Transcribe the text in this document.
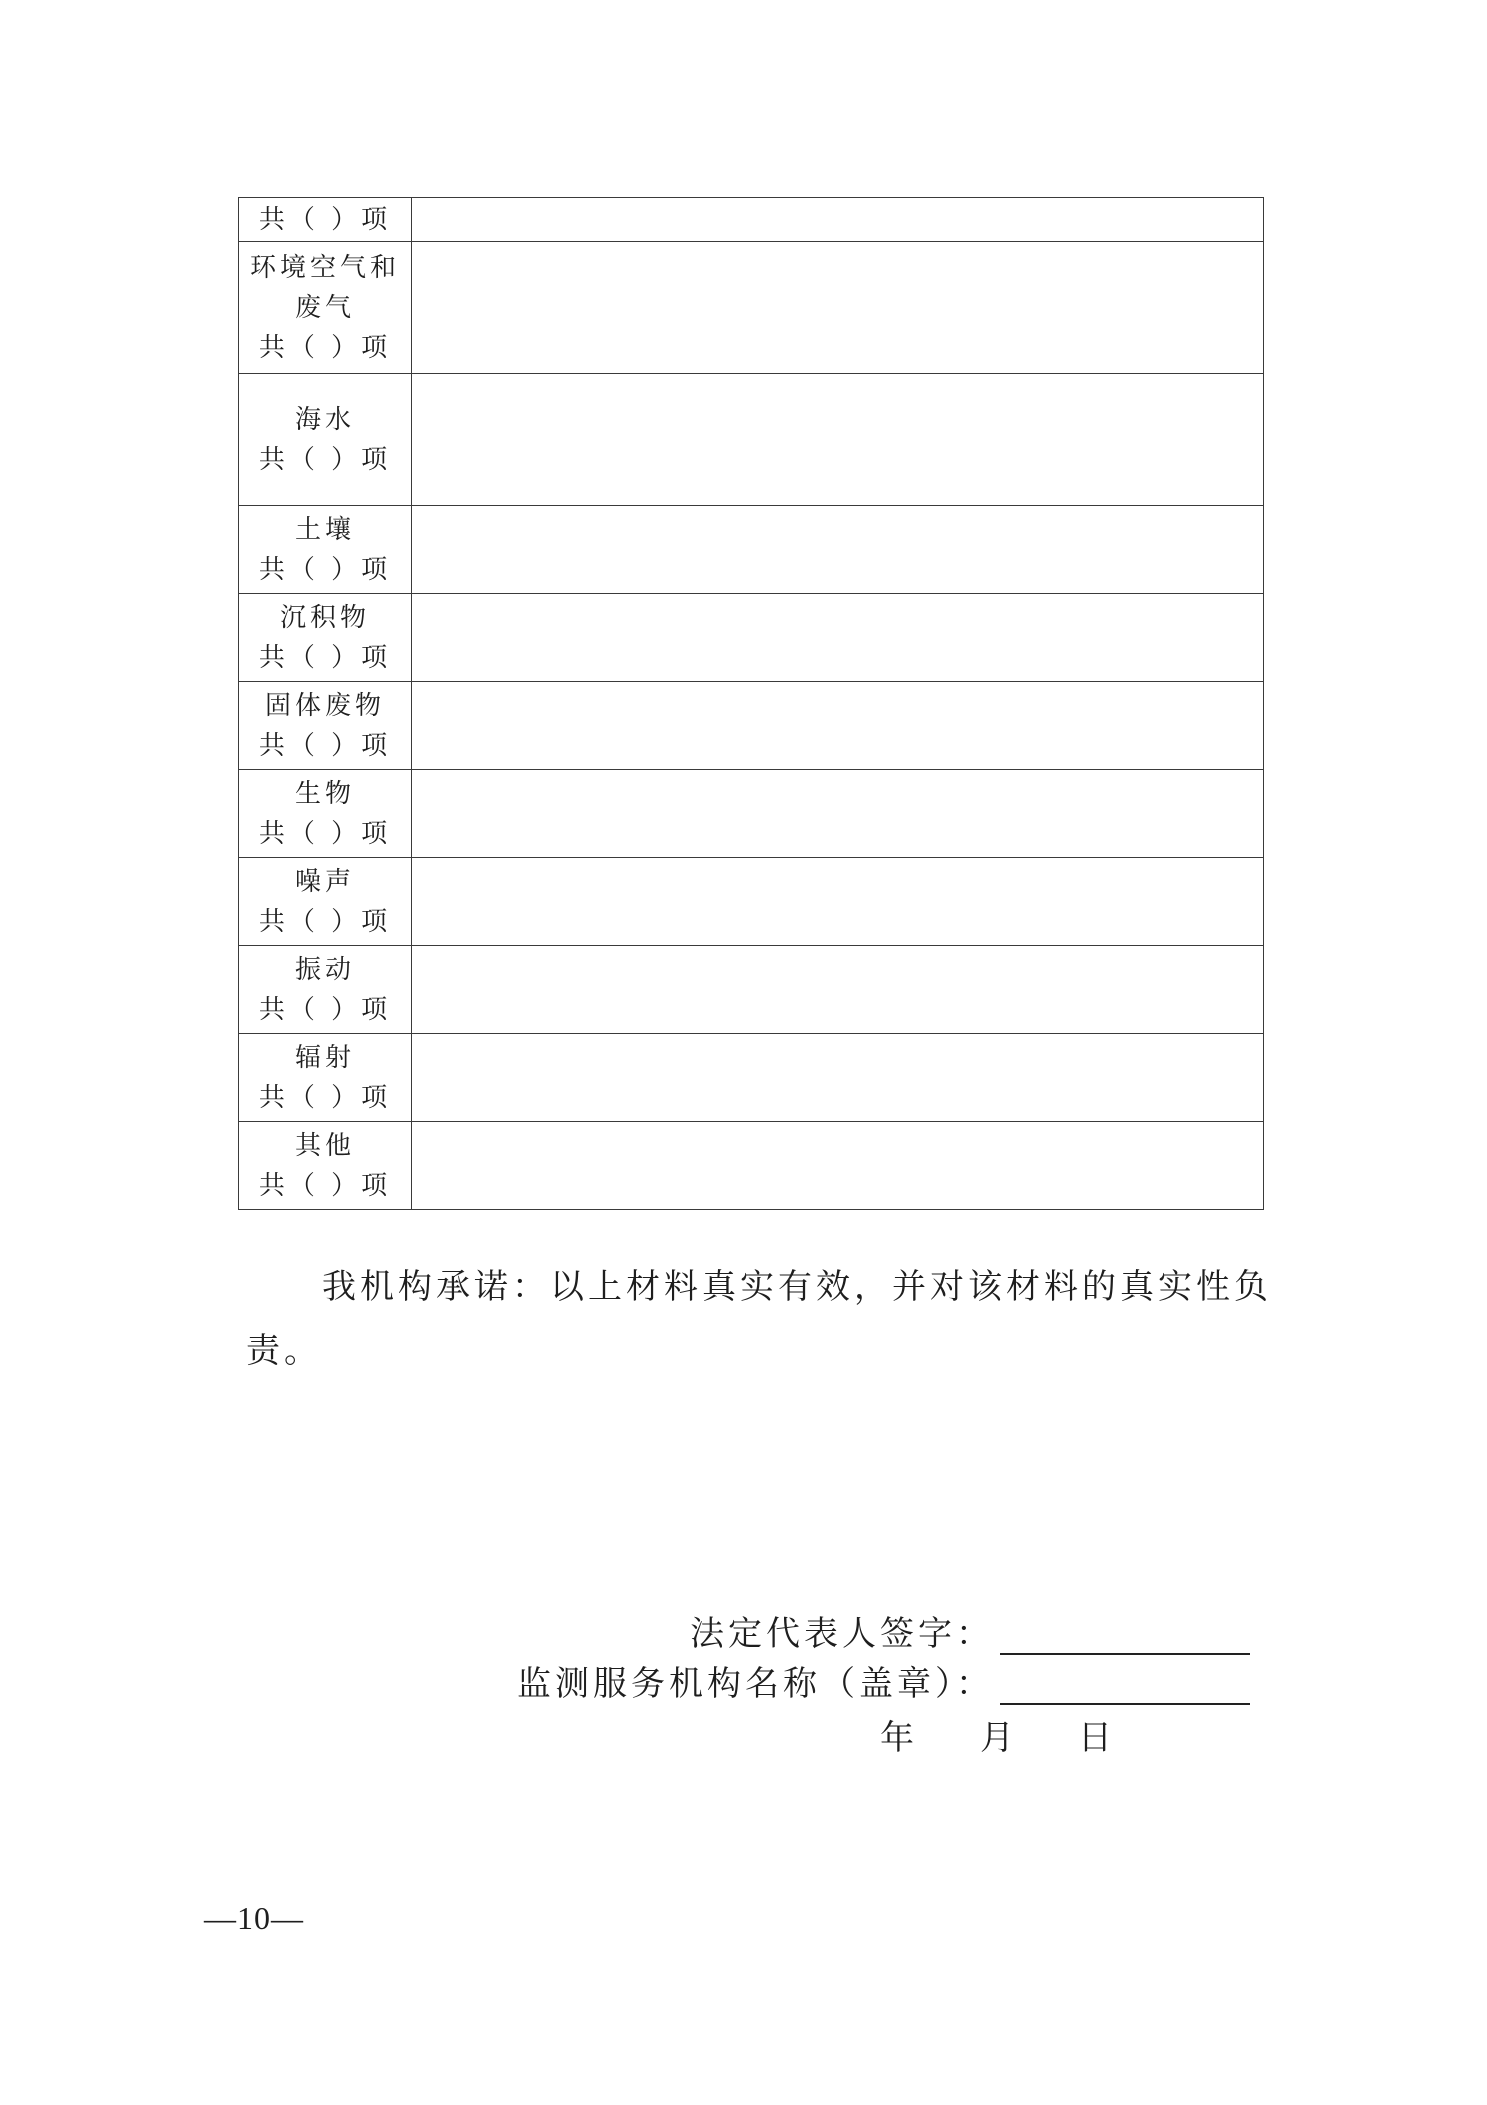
共（ ）项	

环境空气和
废气
共（ ）项	

海水
共（ ）项	

土壤
共（ ）项	

沉积物
共（ ）项	

固体废物
共（ ）项	

生物
共（ ）项	

噪声
共（ ）项	

振动
共（ ）项	

辐射
共（ ）项	

其他
共（ ）项	

我机构承诺：以上材料真实有效，并对该材料的真实性负责。

法定代表人签字：
监测服务机构名称（盖章）：
年 月 日
—10—
